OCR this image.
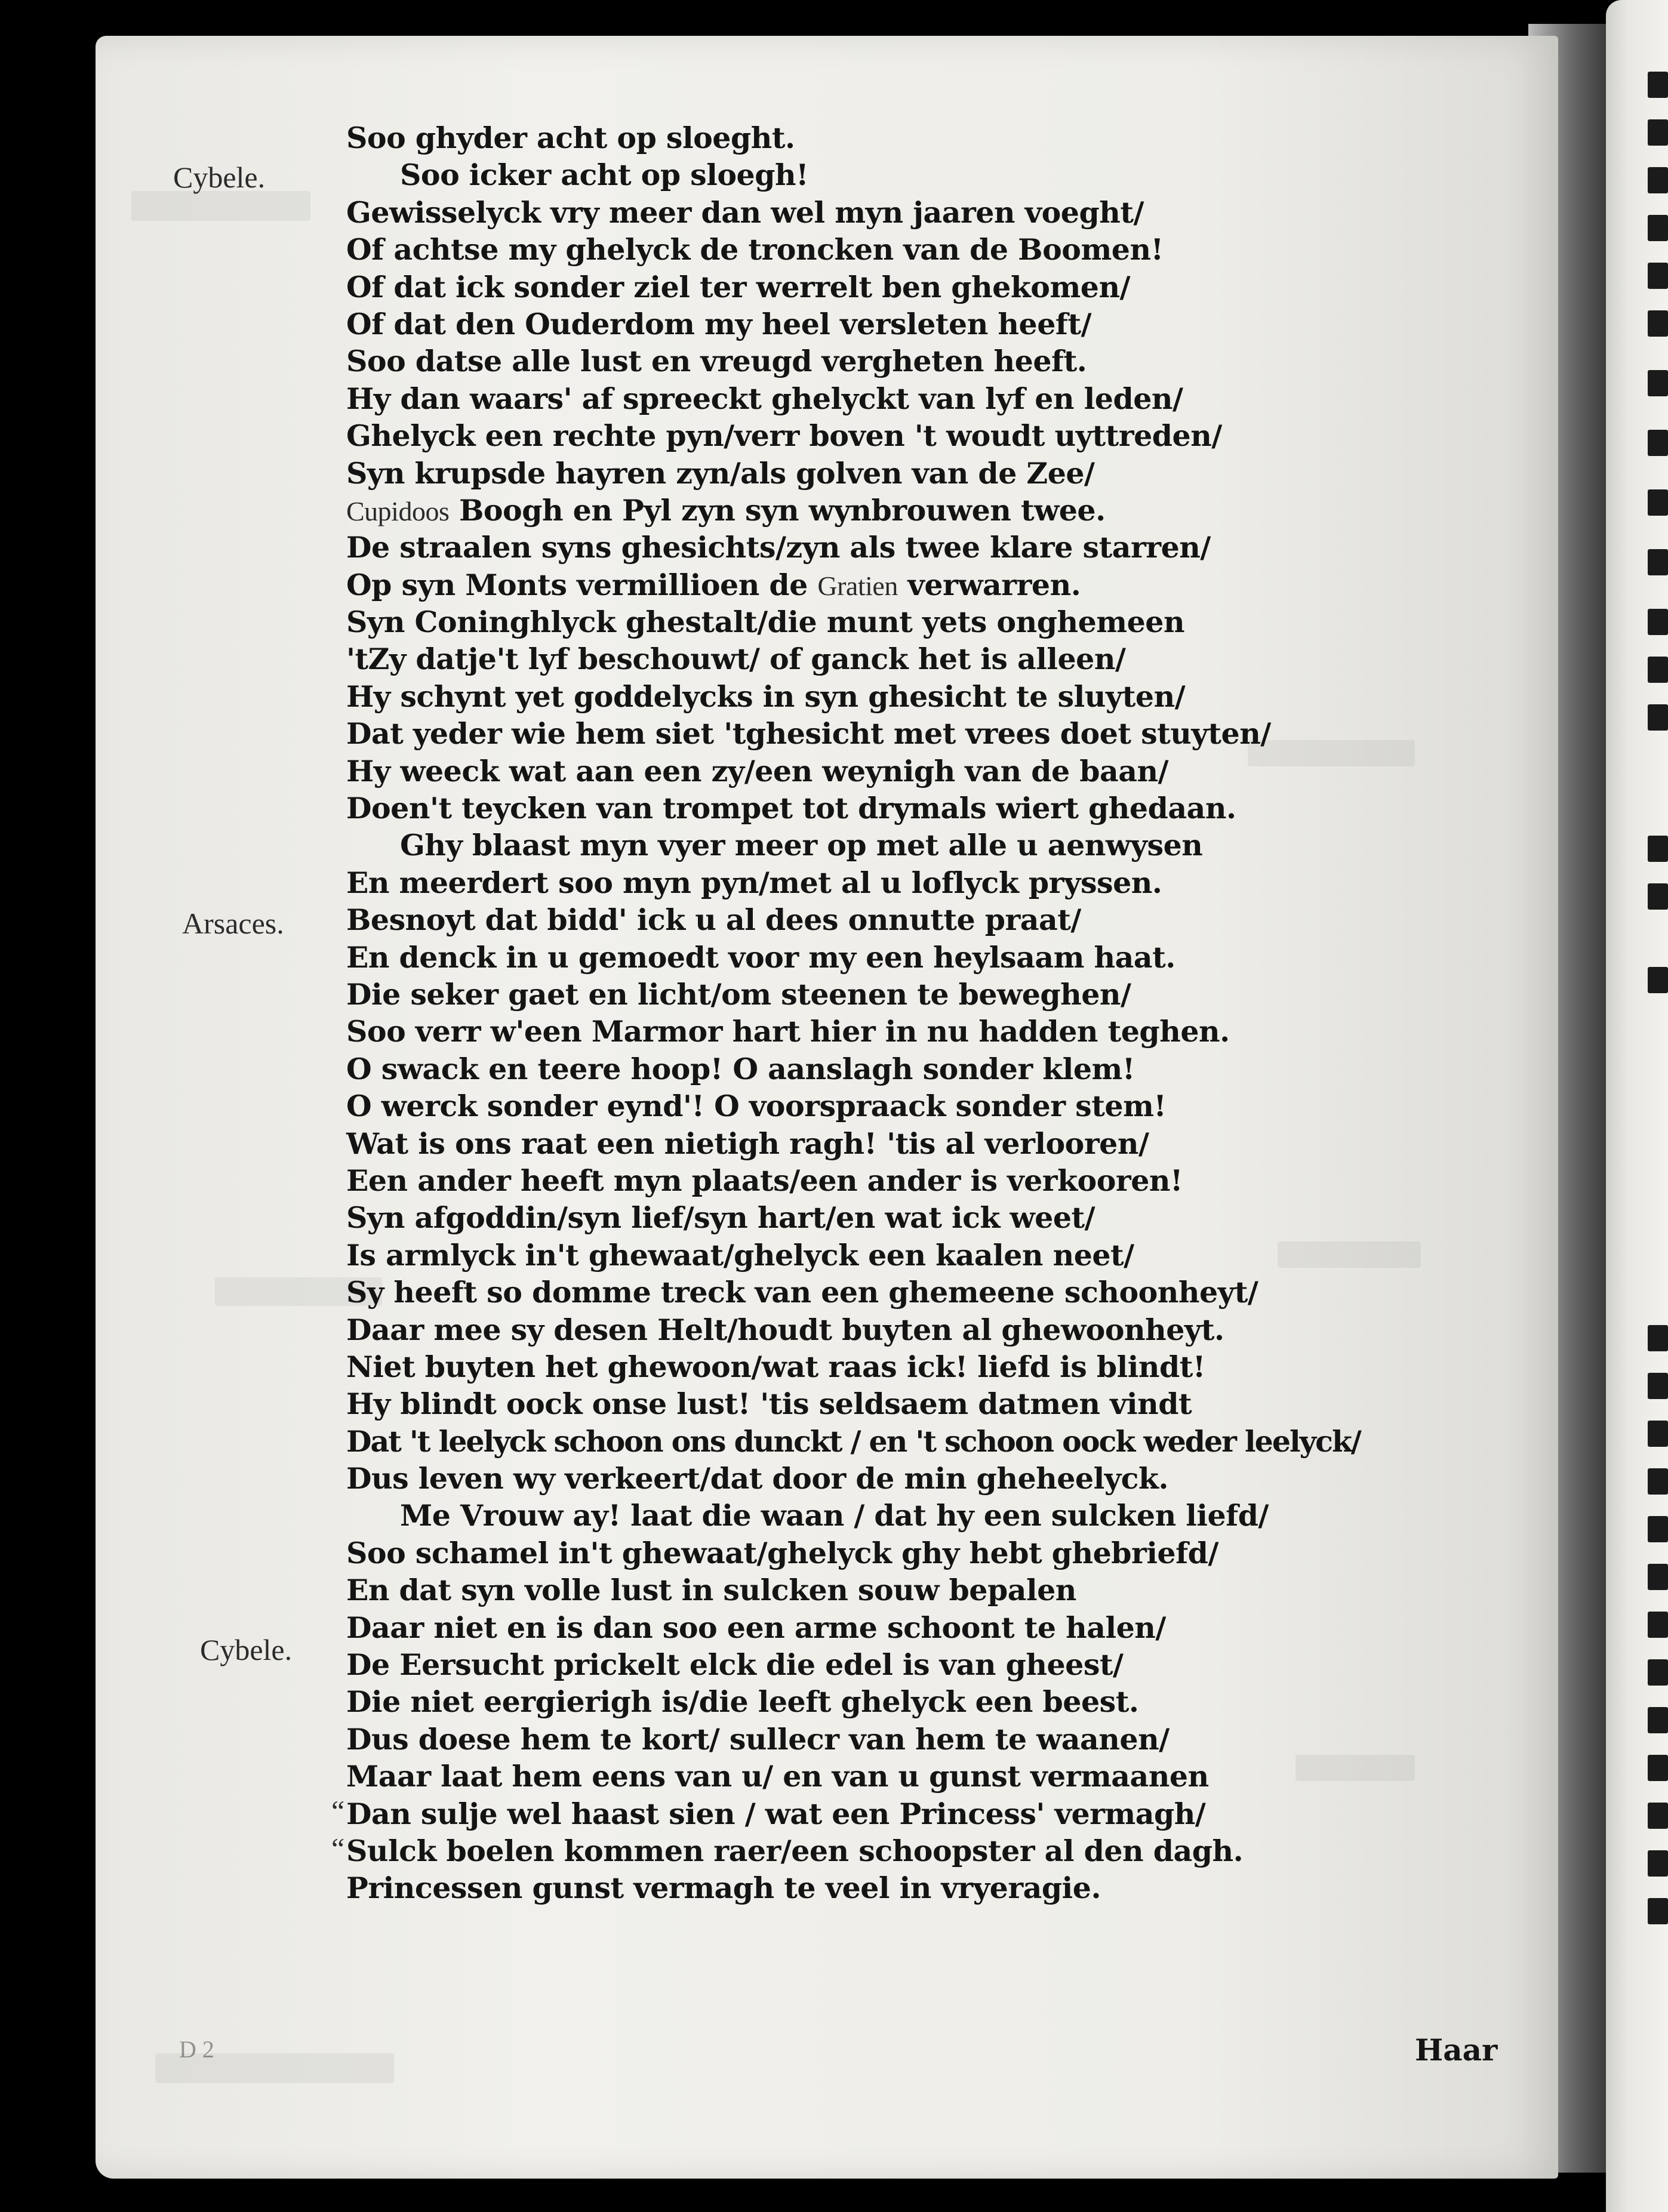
Cybele.
Arsaces.
Cybele.
“
“
Soo ghyder acht op sloeght.
Soo icker acht op sloegh!
Gewisselyck vry meer dan wel myn jaaren voeght/
Of achtse my ghelyck de troncken van de Boomen!
Of dat ick sonder ziel ter werrelt ben ghekomen/
Of dat den Ouderdom my heel versleten heeft/
Soo datse alle lust en vreugd vergheten heeft.
Hy dan waars' af spreeckt ghelyckt van lyf en leden/
Ghelyck een rechte pyn/verr boven 't woudt uyttreden/
Syn krupsde hayren zyn/als golven van de Zee/
Cupidoos Boogh en Pyl zyn syn wynbrouwen twee.
De straalen syns ghesichts/zyn als twee klare starren/
Op syn Monts vermillioen de Gratien verwarren.
Syn Coninghlyck ghestalt/die munt yets onghemeen
'tZy datje't lyf beschouwt/ of ganck het is alleen/
Hy schynt yet goddelycks in syn ghesicht te sluyten/
Dat yeder wie hem siet 'tghesicht met vrees doet stuyten/
Hy weeck wat aan een zy/een weynigh van de baan/
Doen't teycken van trompet tot drymals wiert ghedaan.
Ghy blaast myn vyer meer op met alle u aenwysen
En meerdert soo myn pyn/met al u loflyck pryssen.
Besnoyt dat bidd' ick u al dees onnutte praat/
En denck in u gemoedt voor my een heylsaam haat.
Die seker gaet en licht/om steenen te beweghen/
Soo verr w'een Marmor hart hier in nu hadden teghen.
O swack en teere hoop! O aanslagh sonder klem!
O werck sonder eynd'! O voorspraack sonder stem!
Wat is ons raat een nietigh ragh! 'tis al verlooren/
Een ander heeft myn plaats/een ander is verkooren!
Syn afgoddin/syn lief/syn hart/en wat ick weet/
Is armlyck in't ghewaat/ghelyck een kaalen neet/
Sy heeft so domme treck van een ghemeene schoonheyt/
Daar mee sy desen Helt/houdt buyten al ghewoonheyt.
Niet buyten het ghewoon/wat raas ick! liefd is blindt!
Hy blindt oock onse lust! 'tis seldsaem datmen vindt
Dat 't leelyck schoon ons dunckt / en 't schoon oock weder leelyck/
Dus leven wy verkeert/dat door de min gheheelyck.
Me Vrouw ay! laat die waan / dat hy een sulcken liefd/
Soo schamel in't ghewaat/ghelyck ghy hebt ghebriefd/
En dat syn volle lust in sulcken souw bepalen
Daar niet en is dan soo een arme schoont te halen/
De Eersucht prickelt elck die edel is van gheest/
Die niet eergierigh is/die leeft ghelyck een beest.
Dus doese hem te kort/ sullecr van hem te waanen/
Maar laat hem eens van u/ en van u gunst vermaanen
Dan sulje wel haast sien / wat een Princess' vermagh/
Sulck boelen kommen raer/een schoopster al den dagh.
Princessen gunst vermagh te veel in vryeragie.
D 2	Haar
